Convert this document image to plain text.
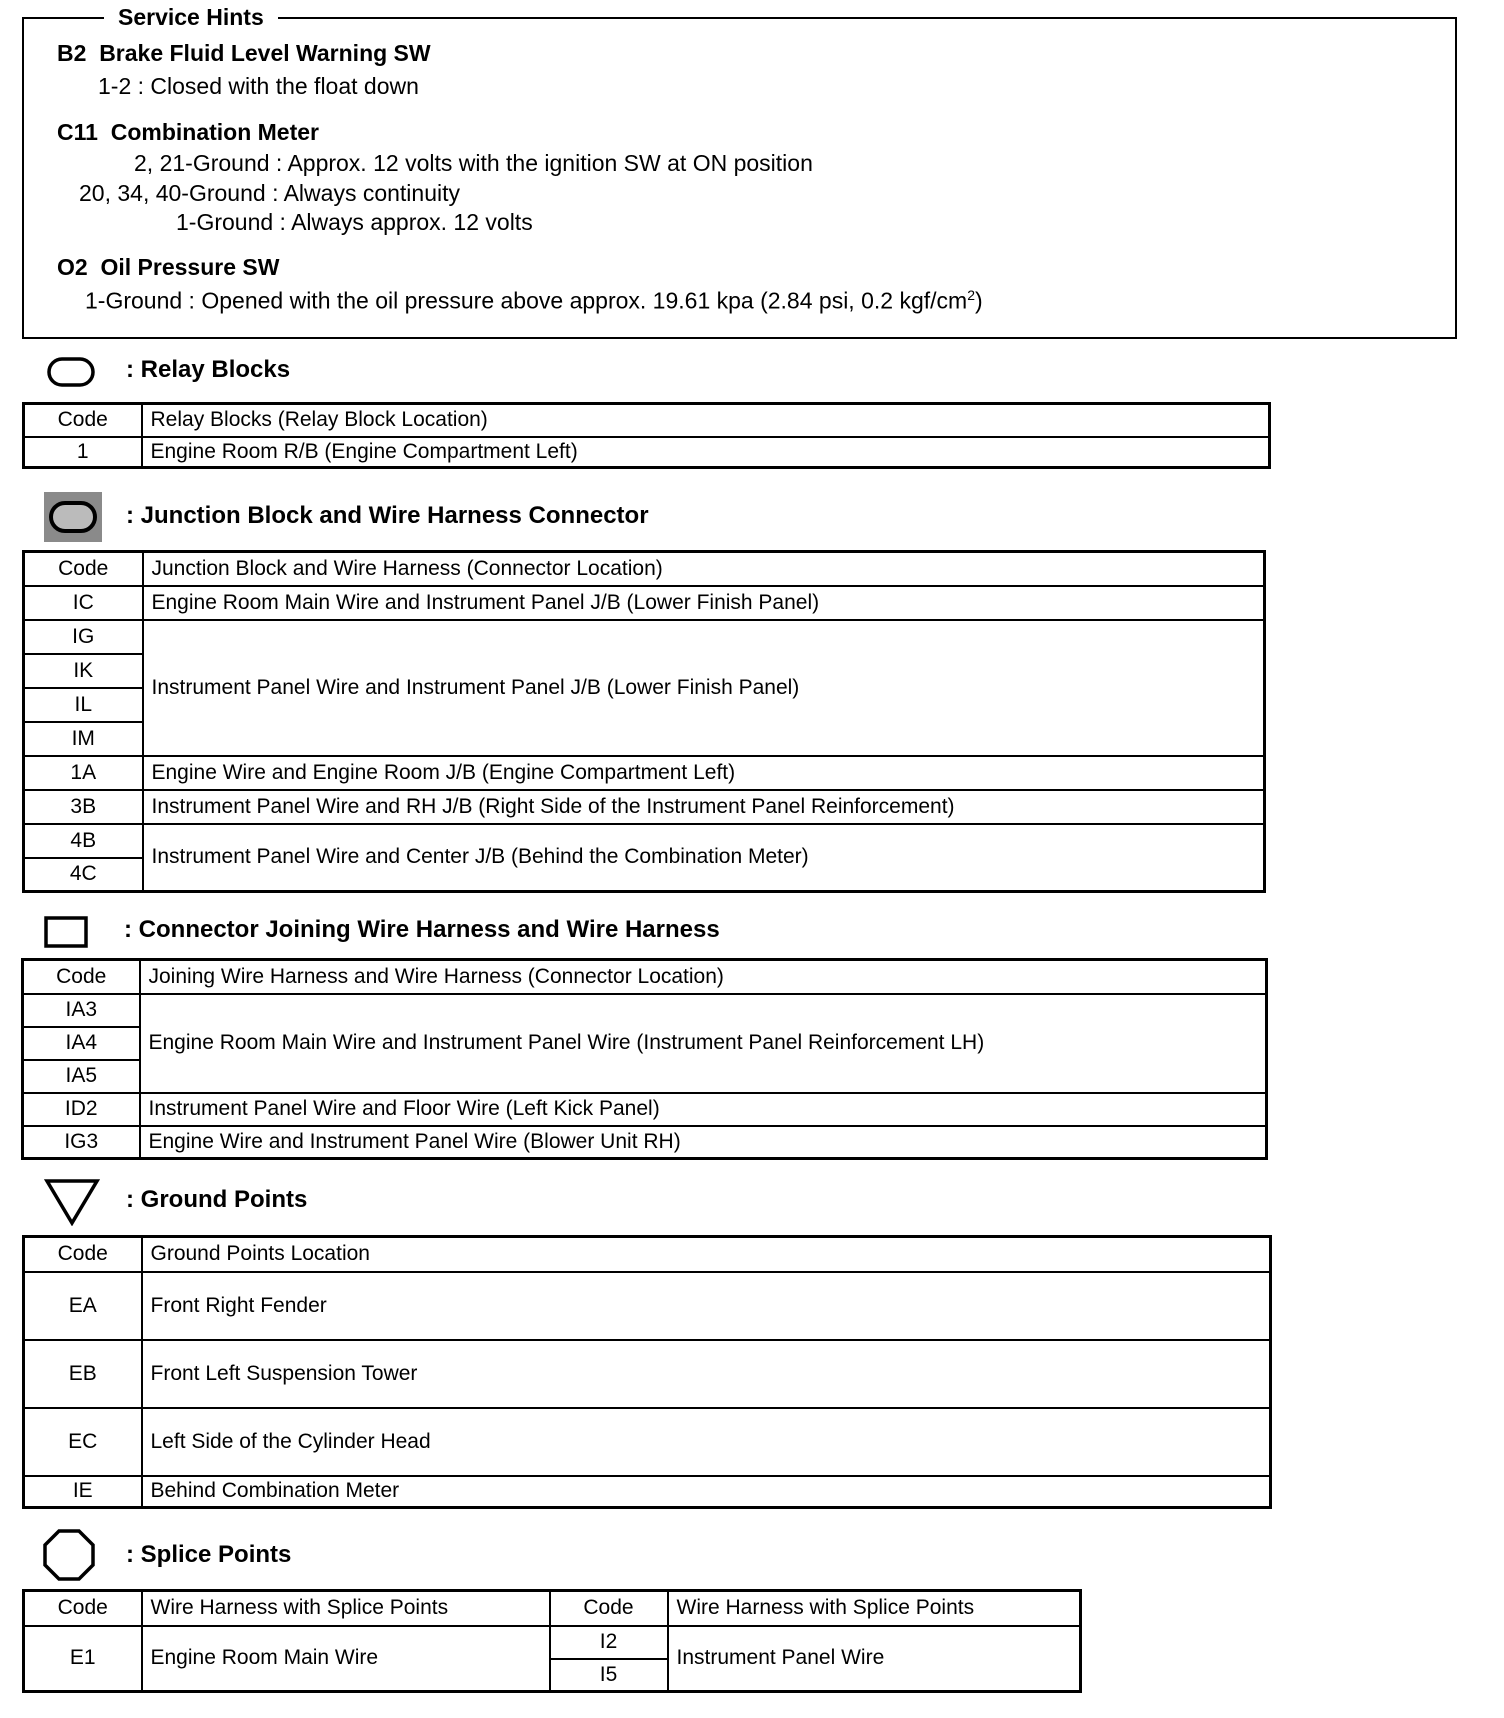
Service Hints
B2 Brake Fluid Level Warning SW
1-2 : Closed with the float down
C11 Combination Meter
2, 21-Ground : Approx. 12 volts with the ignition SW at ON position
20, 34, 40-Ground : Always continuity
1-Ground : Always approx. 12 volts
O2 Oil Pressure SW
1-Ground : Opened with the oil pressure above approx. 19.61 kpa (2.84 psi, 0.2 kgf/$cm^2$)
: Relay Blocks
Code	Relay Blocks (Relay Block Location)
1	Engine Room R/B (Engine Compartment Left)
: Junction Block and Wire Harness Connector
Code	Junction Block and Wire Harness (Connector Location)
IC	Engine Room Main Wire and Instrument Panel J/B (Lower Finish Panel)
IG	Instrument Panel Wire and Instrument Panel J/B (Lower Finish Panel)
IK	
IL	
IM	
1A	Engine Wire and Engine Room J/B (Engine Compartment Left)
3B	Instrument Panel Wire and RH J/B (Right Side of the Instrument Panel Reinforcement)
4B	Instrument Panel Wire and Center J/B (Behind the Combination Meter)
4C	
: Connector Joining Wire Harness and Wire Harness
Code	Joining Wire Harness and Wire Harness (Connector Location)
IA3	Engine Room Main Wire and Instrument Panel Wire (Instrument Panel Reinforcement LH)
IA4	
IA5	
ID2	Instrument Panel Wire and Floor Wire (Left Kick Panel)
IG3	Engine Wire and Instrument Panel Wire (Blower Unit RH)
: Ground Points
Code	Ground Points Location
EA	Front Right Fender
EB	Front Left Suspension Tower
EC	Left Side of the Cylinder Head
IE	Behind Combination Meter
: Splice Points
Code	Wire Harness with Splice Points	Code	Wire Harness with Splice Points
E1	Engine Room Main Wire	I2	Instrument Panel Wire
		I5	
